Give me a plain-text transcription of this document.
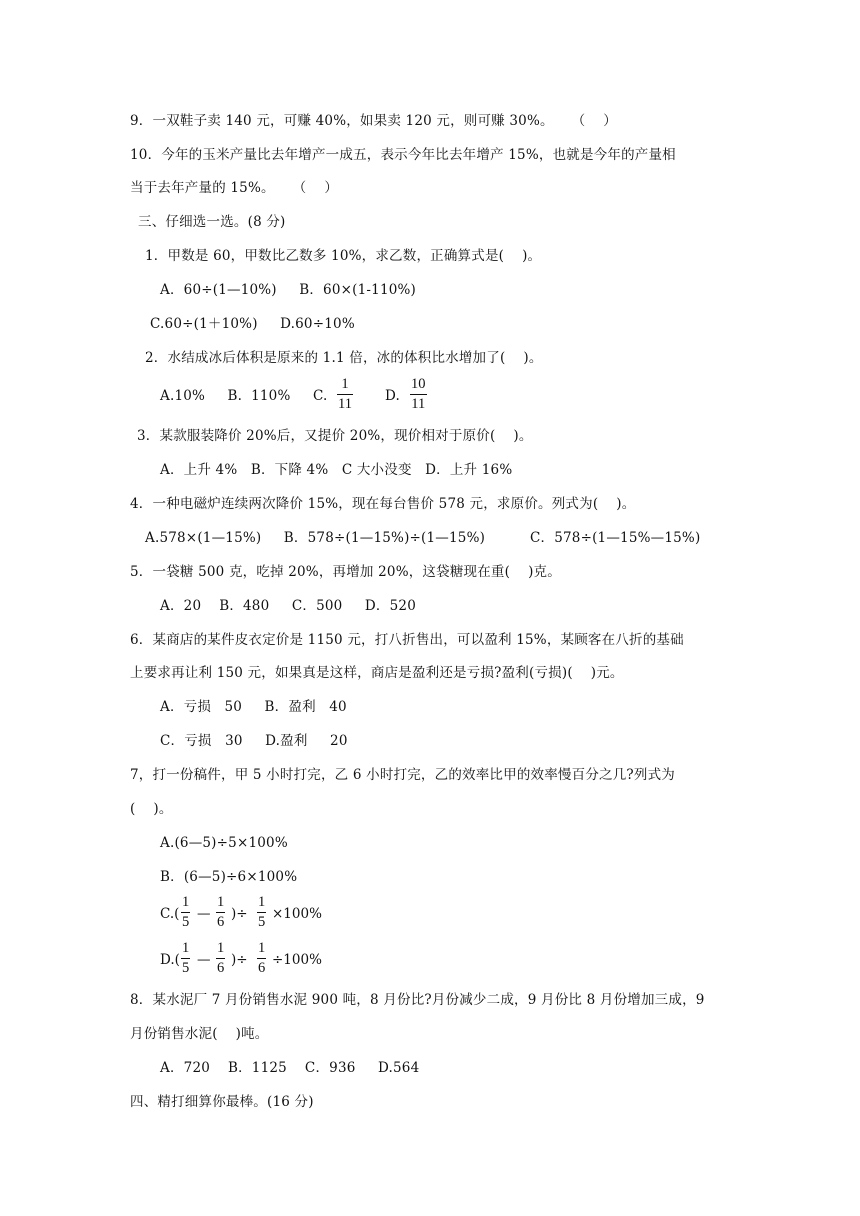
9．一双鞋子卖 140 元，可赚 40%，如果卖 120 元，则可赚 30%。    （    ）
10．今年的玉米产量比去年增产一成五，表示今年比去年增产 15%，也就是今年的产量相
当于去年产量的 15%。    （    ）
三、仔细选一选。(8 分)
1．甲数是 60，甲数比乙数多 10%，求乙数，正确算式是(    )。
A．60÷(1—10%)     B．60×(1-110%)
C.60÷(1＋10%)     D.60÷10%
2．水结成冰后体积是原来的 1.1 倍，冰的体积比水增加了(    )。
A.10%     B.  110%     C.
1
11
D.
10
11
3．某款服装降价 20%后，又提价 20%，现价相对于原价(    )。
A．上升 4%   B．下降 4%   C 大小没变   D．上升 16%
4．一种电磁炉连续两次降价 15%，现在每台售价 578 元，求原价。列式为(    )。
A.578×(1—15%)     B．578÷(1—15%)÷(1—15%)          C．578÷(1—15%—15%)
5．一袋糖 500 克，吃掉 20%，再增加 20%，这袋糖现在重(    )克。
A．20    B．480     C．500     D．520
6．某商店的某件皮衣定价是 1150 元，打八折售出，可以盈利 15%，某顾客在八折的基础
上要求再让利 150 元，如果真是这样，商店是盈利还是亏损?盈利(亏损)(    )元。
A．亏损   50     B．盈利   40
C．亏损   30     D.盈利     20
7，打一份稿件，甲 5 小时打完，乙 6 小时打完，乙的效率比甲的效率慢百分之几?列式为
(    )。
A.(6—5)÷5×100%
B．(6—5)÷6×100%
C.(
1
5
—
1
6
)÷
1
5
×100%
D.(
1
5
—
1
6
)÷
1
6
÷100%
8．某水泥厂 7 月份销售水泥 900 吨，8 月份比?月份减少二成，9 月份比 8 月份增加三成，9
月份销售水泥(    )吨。
A．720    B．1125    C．936     D.564
四、精打细算你最棒。(16 分)
